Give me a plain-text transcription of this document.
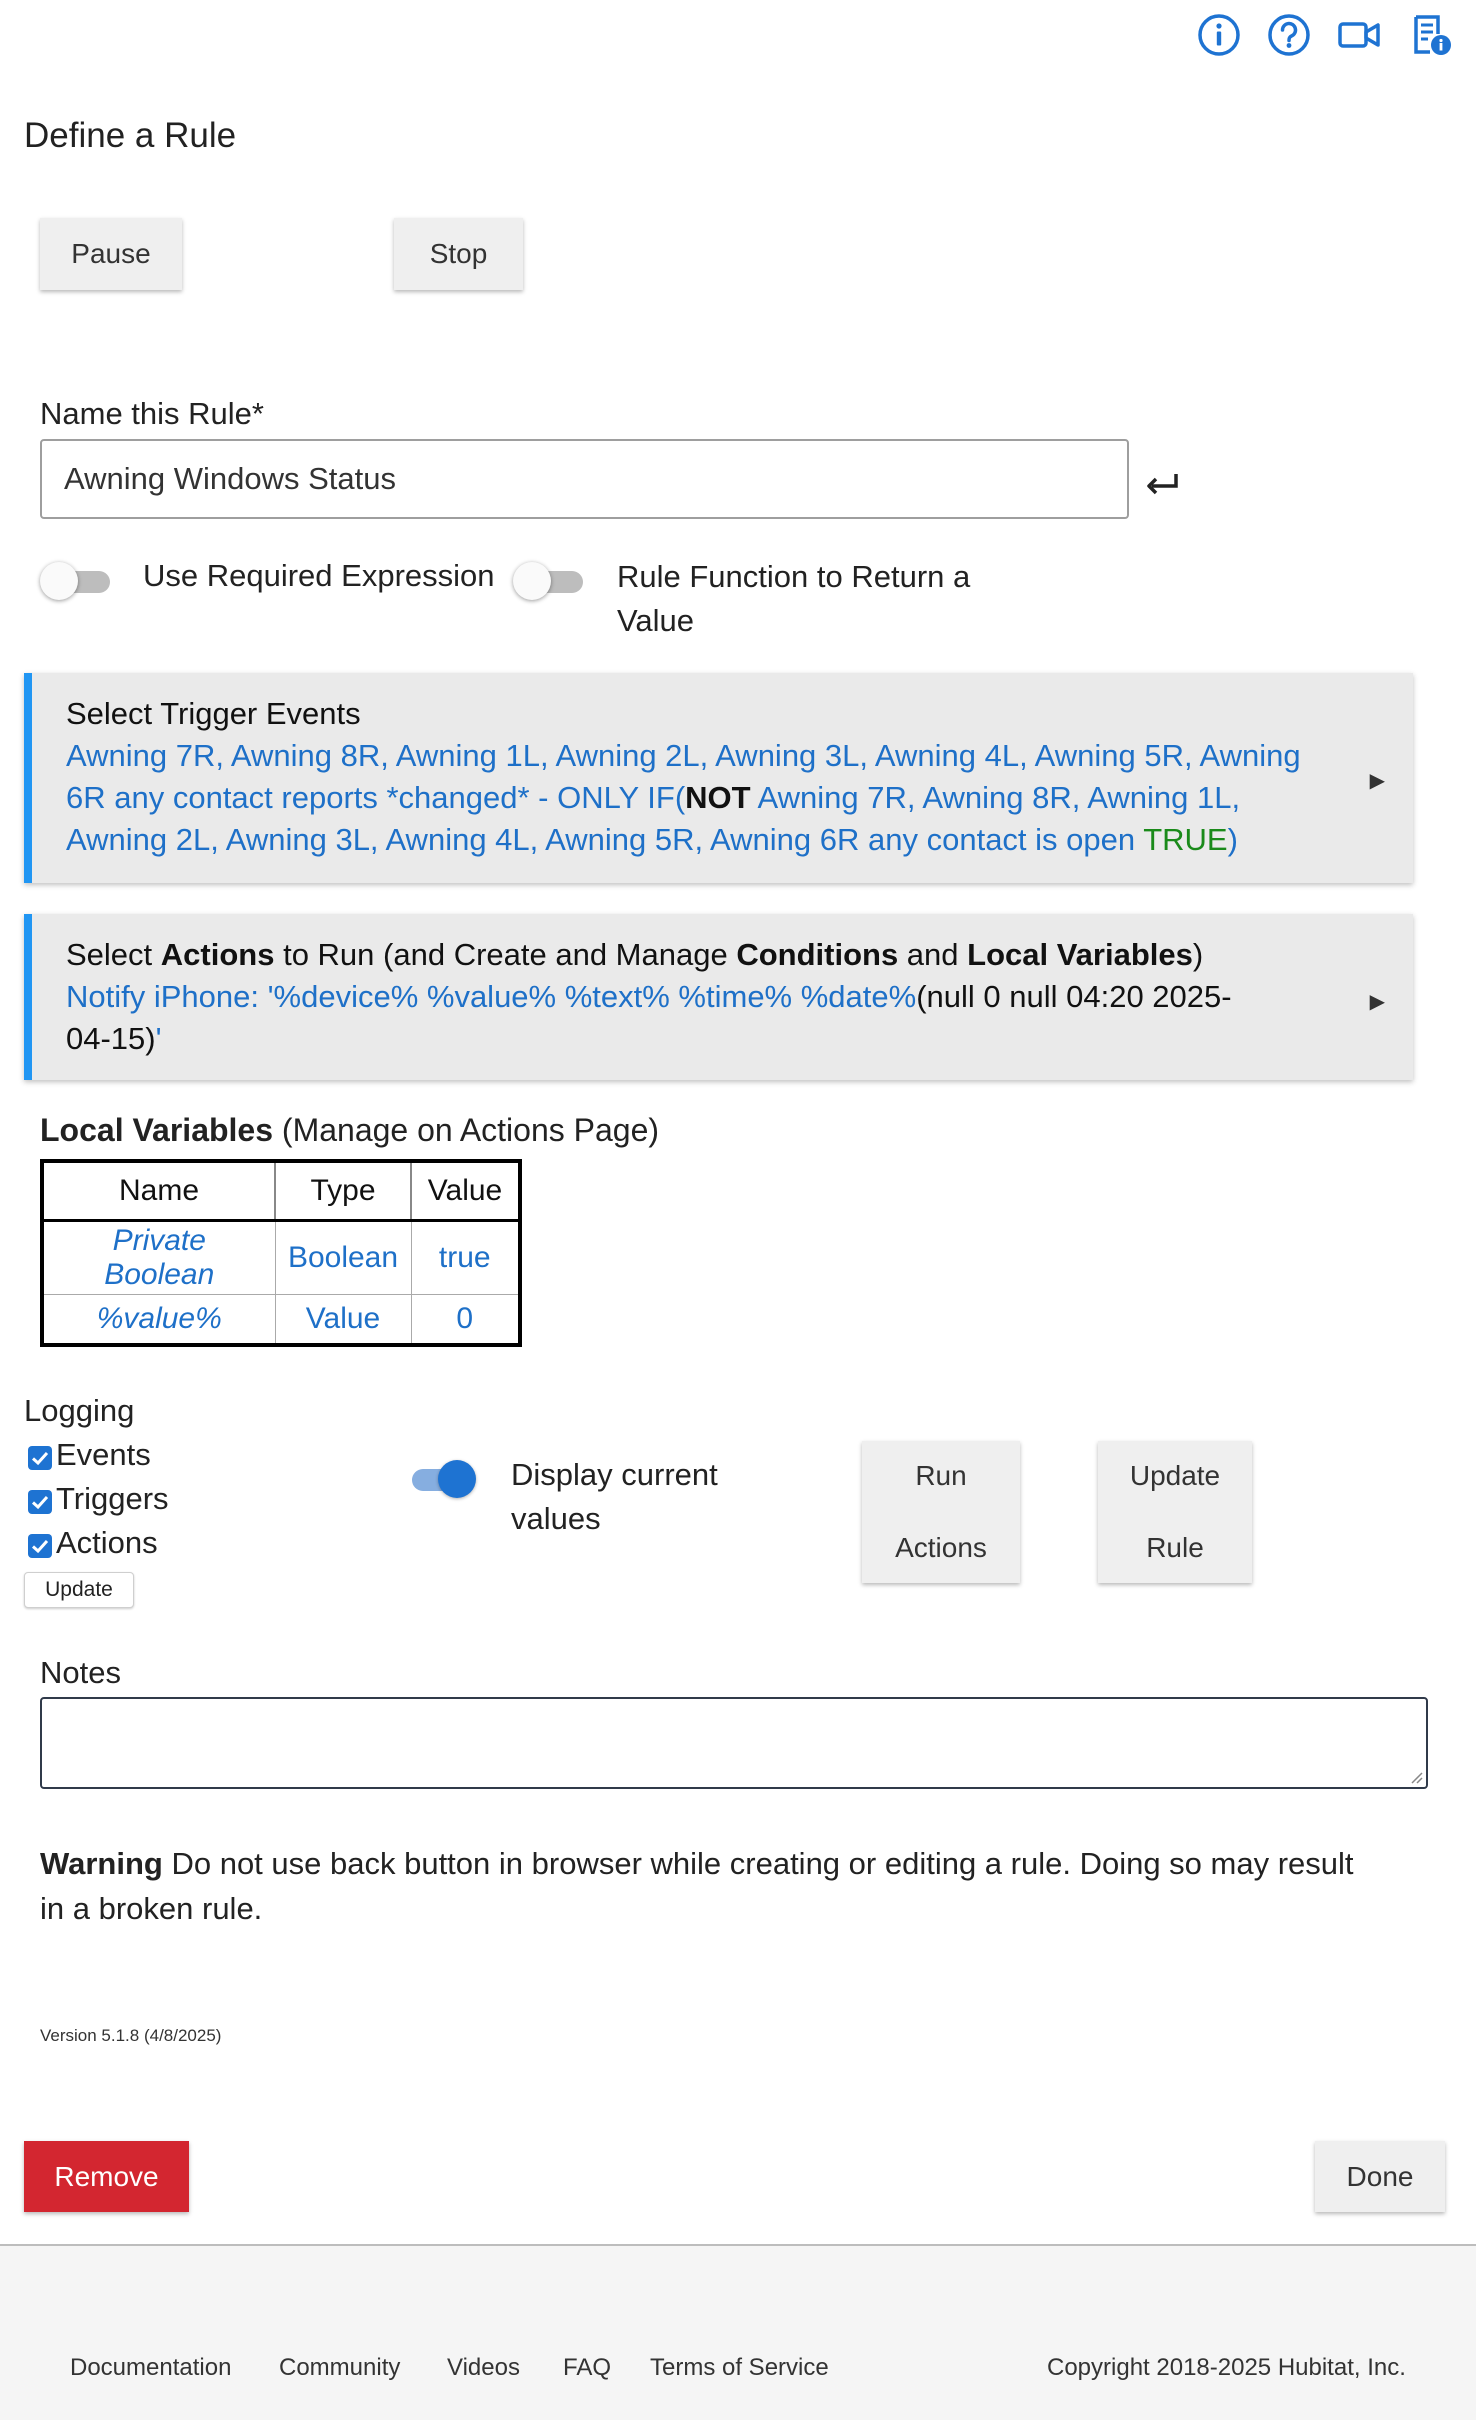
Define a Rule
Pause	Stop
Name this Rule*
Awning Windows Status
Use Required Expression	Rule Function to Return a
Value
Select Trigger Events
Awning 7R, Awning 8R, Awning 1L, Awning 2L, Awning 3L, Awning 4L, Awning 5R, Awning
6R any contact reports *changed* - ONLY IF(NOT Awning 7R, Awning 8R, Awning 1L,
Awning 2L, Awning 3L, Awning 4L, Awning 5R, Awning 6R any contact is open TRUE)
▶
Select Actions to Run (and Create and Manage Conditions and Local Variables)
Notify iPhone: '%device% %value% %text% %time% %date%(null 0 null 04:20 2025-
04-15)'
▶
Local Variables (Manage on Actions Page)
Name	Type	Value
Private Boolean	Boolean	true
%value%	Value	0
Logging
Events
Triggers
Actions
Update
Display current
values
Run
Actions
Update
Rule
Notes
Warning Do not use back button in browser while creating or editing a rule. Doing so may result
in a broken rule.
Version 5.1.8 (4/8/2025)
Remove	Done
Documentation Community Videos FAQ Terms of Service	Copyright 2018-2025 Hubitat, Inc.
